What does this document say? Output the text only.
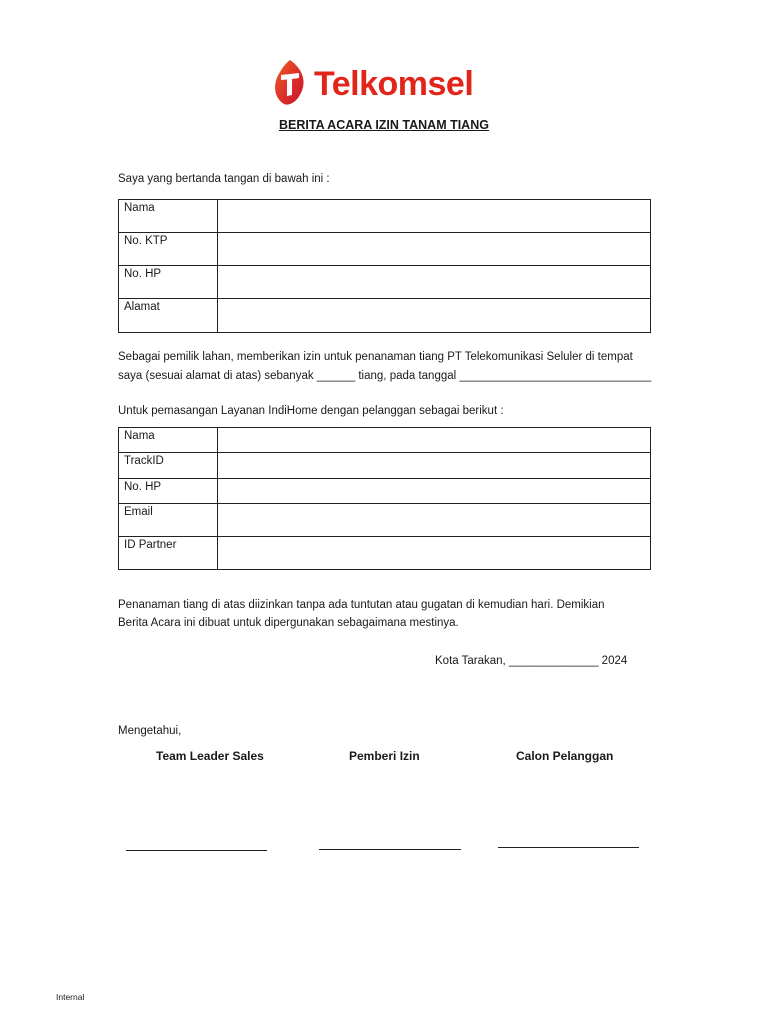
Telkomsel
BERITA ACARA IZIN TANAM TIANG
Saya yang bertanda tangan di bawah ini :
Nama	
No. KTP	
No. HP	
Alamat	
Sebagai pemilik lahan, memberikan izin untuk penanaman tiang PT Telekomunikasi Seluler di tempat
saya (sesuai alamat di atas) sebanyak ______ tiang, pada tanggal ______________________________
Untuk pemasangan Layanan IndiHome dengan pelanggan sebagai berikut :
Nama	
TrackID	
No. HP	
Email	
ID Partner	
Penanaman tiang di atas diizinkan tanpa ada tuntutan atau gugatan di kemudian hari. Demikian
Berita Acara ini dibuat untuk dipergunakan sebagaimana mestinya.
Kota Tarakan, ______________ 2024
Mengetahui,
Team Leader Sales	Pemberi Izin	Calon Pelanggan
Internal
